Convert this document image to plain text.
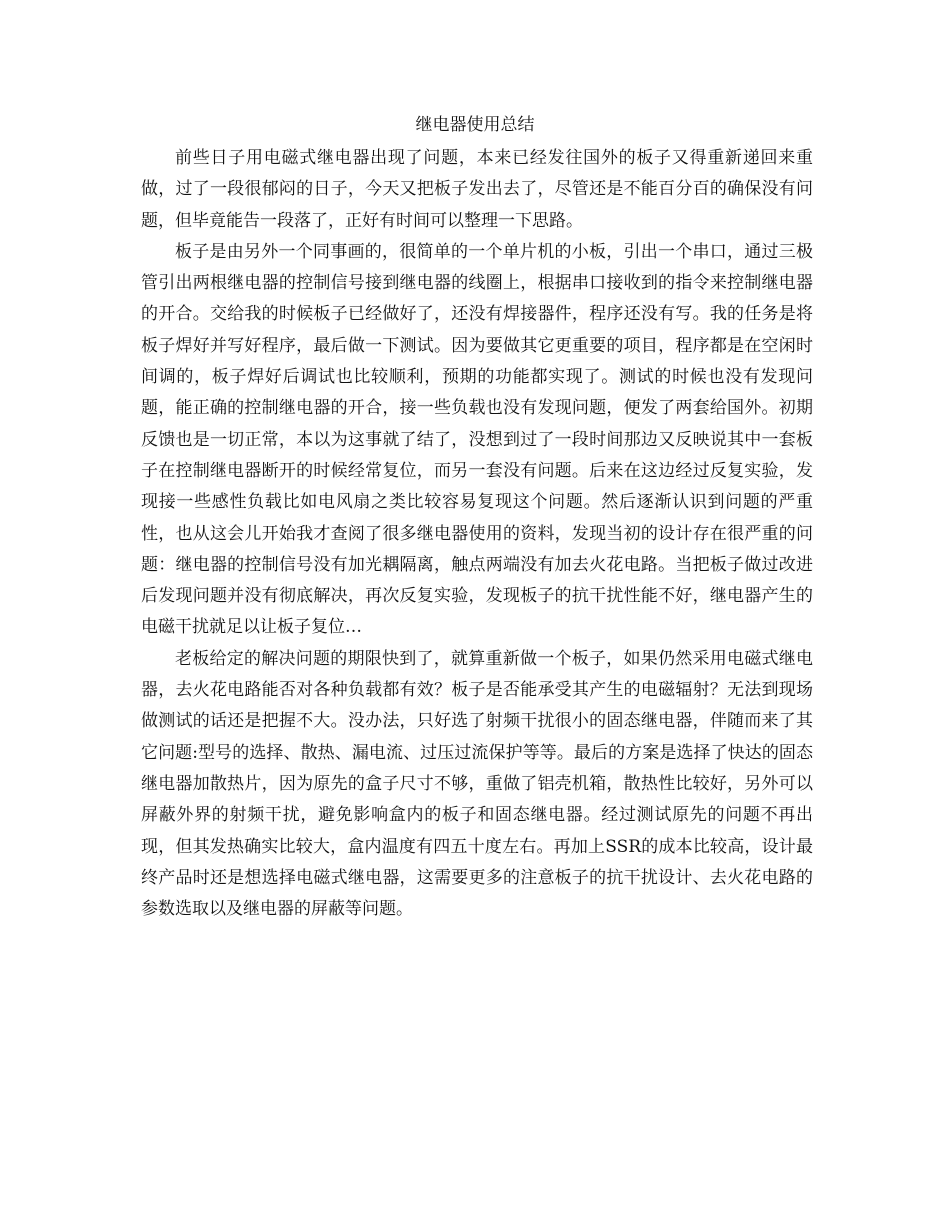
继电器使用总结

前些日子用电磁式继电器出现了问题，本来已经发往国外的板子又得重新递回来重做，过了一段很郁闷的日子，今天又把板子发出去了，尽管还是不能百分百的确保没有问题，但毕竟能告一段落了，正好有时间可以整理一下思路。

板子是由另外一个同事画的，很简单的一个单片机的小板，引出一个串口，通过三极管引出两根继电器的控制信号接到继电器的线圈上，根据串口接收到的指令来控制继电器的开合。交给我的时候板子已经做好了，还没有焊接器件，程序还没有写。我的任务是将板子焊好并写好程序，最后做一下测试。因为要做其它更重要的项目，程序都是在空闲时间调的，板子焊好后调试也比较顺利，预期的功能都实现了。测试的时候也没有发现问题，能正确的控制继电器的开合，接一些负载也没有发现问题，便发了两套给国外。初期反馈也是一切正常，本以为这事就了结了，没想到过了一段时间那边又反映说其中一套板子在控制继电器断开的时候经常复位，而另一套没有问题。后来在这边经过反复实验，发现接一些感性负载比如电风扇之类比较容易复现这个问题。然后逐渐认识到问题的严重性，也从这会儿开始我才查阅了很多继电器使用的资料，发现当初的设计存在很严重的问题：继电器的控制信号没有加光耦隔离，触点两端没有加去火花电路。当把板子做过改进后发现问题并没有彻底解决，再次反复实验，发现板子的抗干扰性能不好，继电器产生的电磁干扰就足以让板子复位…

老板给定的解决问题的期限快到了，就算重新做一个板子，如果仍然采用电磁式继电器，去火花电路能否对各种负载都有效？板子是否能承受其产生的电磁辐射？无法到现场做测试的话还是把握不大。没办法，只好选了射频干扰很小的固态继电器，伴随而来了其它问题:型号的选择、散热、漏电流、过压过流保护等等。最后的方案是选择了快达的固态继电器加散热片，因为原先的盒子尺寸不够，重做了铝壳机箱，散热性比较好，另外可以屏蔽外界的射频干扰，避免影响盒内的板子和固态继电器。经过测试原先的问题不再出现，但其发热确实比较大，盒内温度有四五十度左右。再加上SSR的成本比较高，设计最终产品时还是想选择电磁式继电器，这需要更多的注意板子的抗干扰设计、去火花电路的参数选取以及继电器的屏蔽等问题。
